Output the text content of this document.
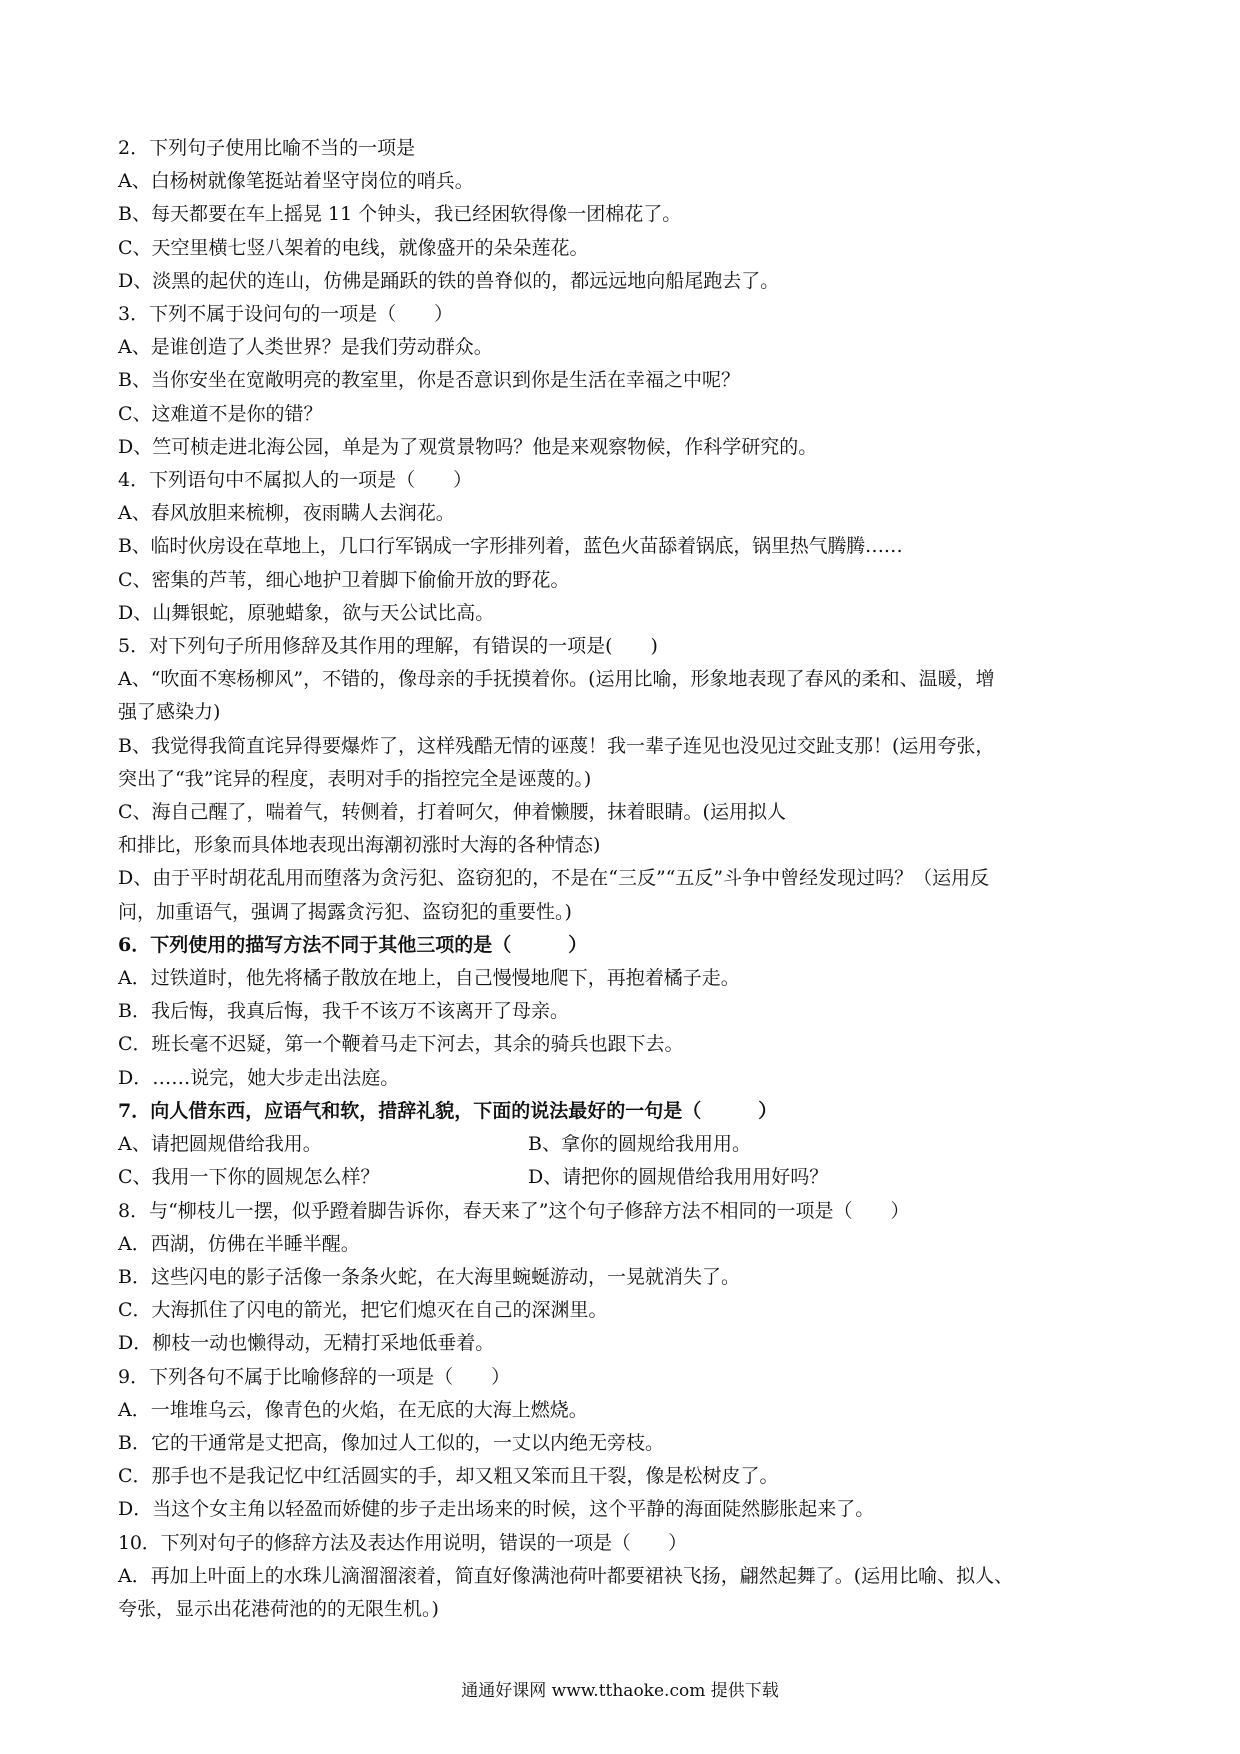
2．下列句子使用比喻不当的一项是
A、白杨树就像笔挺站着坚守岗位的哨兵。
B、每天都要在车上摇晃 11 个钟头，我已经困软得像一团棉花了。
C、天空里横七竖八架着的电线，就像盛开的朵朵莲花。
D、淡黑的起伏的连山，仿佛是踊跃的铁的兽脊似的，都远远地向船尾跑去了。
3．下列不属于设问句的一项是（　　）
A、是谁创造了人类世界？是我们劳动群众。
B、当你安坐在宽敞明亮的教室里，你是否意识到你是生活在幸福之中呢？
C、这难道不是你的错？
D、竺可桢走进北海公园，单是为了观赏景物吗？他是来观察物候，作科学研究的。
4．下列语句中不属拟人的一项是（　　）
A、春风放胆来梳柳，夜雨瞒人去润花。
B、临时伙房设在草地上，几口行军锅成一字形排列着，蓝色火苗舔着锅底，锅里热气腾腾……
C、密集的芦苇，细心地护卫着脚下偷偷开放的野花。
D、山舞银蛇，原驰蜡象，欲与天公试比高。
5．对下列句子所用修辞及其作用的理解，有错误的一项是(　　)
A、“吹面不寒杨柳风”，不错的，像母亲的手抚摸着你。(运用比喻，形象地表现了春风的柔和、温暖，增
强了感染力)
B、我觉得我简直诧异得要爆炸了，这样残酷无情的诬蔑！我一辈子连见也没见过交趾支那！(运用夸张，
突出了“我”诧异的程度，表明对手的指控完全是诬蔑的。)
C、海自己醒了，喘着气，转侧着，打着呵欠，伸着懒腰，抹着眼睛。(运用拟人
和排比，形象而具体地表现出海潮初涨时大海的各种情态)
D、由于平时胡花乱用而堕落为贪污犯、盗窃犯的，不是在“三反”“五反”斗争中曾经发现过吗？（运用反
问，加重语气，强调了揭露贪污犯、盗窃犯的重要性。)
6．下列使用的描写方法不同于其他三项的是（　　　）
A．过铁道时，他先将橘子散放在地上，自己慢慢地爬下，再抱着橘子走。
B．我后悔，我真后悔，我千不该万不该离开了母亲。
C．班长毫不迟疑，第一个鞭着马走下河去，其余的骑兵也跟下去。
D．……说完，她大步走出法庭。
7．向人借东西，应语气和软，措辞礼貌，下面的说法最好的一句是（　　　）
A、请把圆规借给我用。	B、拿你的圆规给我用用。
C、我用一下你的圆规怎么样？	D、请把你的圆规借给我用用好吗？
8．与“柳枝儿一摆，似乎蹬着脚告诉你，春天来了”这个句子修辞方法不相同的一项是（　　）
A．西湖，仿佛在半睡半醒。
B．这些闪电的影子活像一条条火蛇，在大海里蜿蜒游动，一晃就消失了。
C．大海抓住了闪电的箭光，把它们熄灭在自己的深渊里。
D．柳枝一动也懒得动，无精打采地低垂着。
9．下列各句不属于比喻修辞的一项是（　　）
A．一堆堆乌云，像青色的火焰，在无底的大海上燃烧。
B．它的干通常是丈把高，像加过人工似的，一丈以内绝无旁枝。
C．那手也不是我记忆中红活圆实的手，却又粗又笨而且干裂，像是松树皮了。
D．当这个女主角以轻盈而娇健的步子走出场来的时候，这个平静的海面陡然膨胀起来了。
10．下列对句子的修辞方法及表达作用说明，错误的一项是（　　）
A．再加上叶面上的水珠儿滴溜溜滚着，简直好像满池荷叶都要裙袂飞扬，翩然起舞了。(运用比喻、拟人、
夸张，显示出花港荷池的的无限生机。)
通通好课网 www.tthaoke.com 提供下载
